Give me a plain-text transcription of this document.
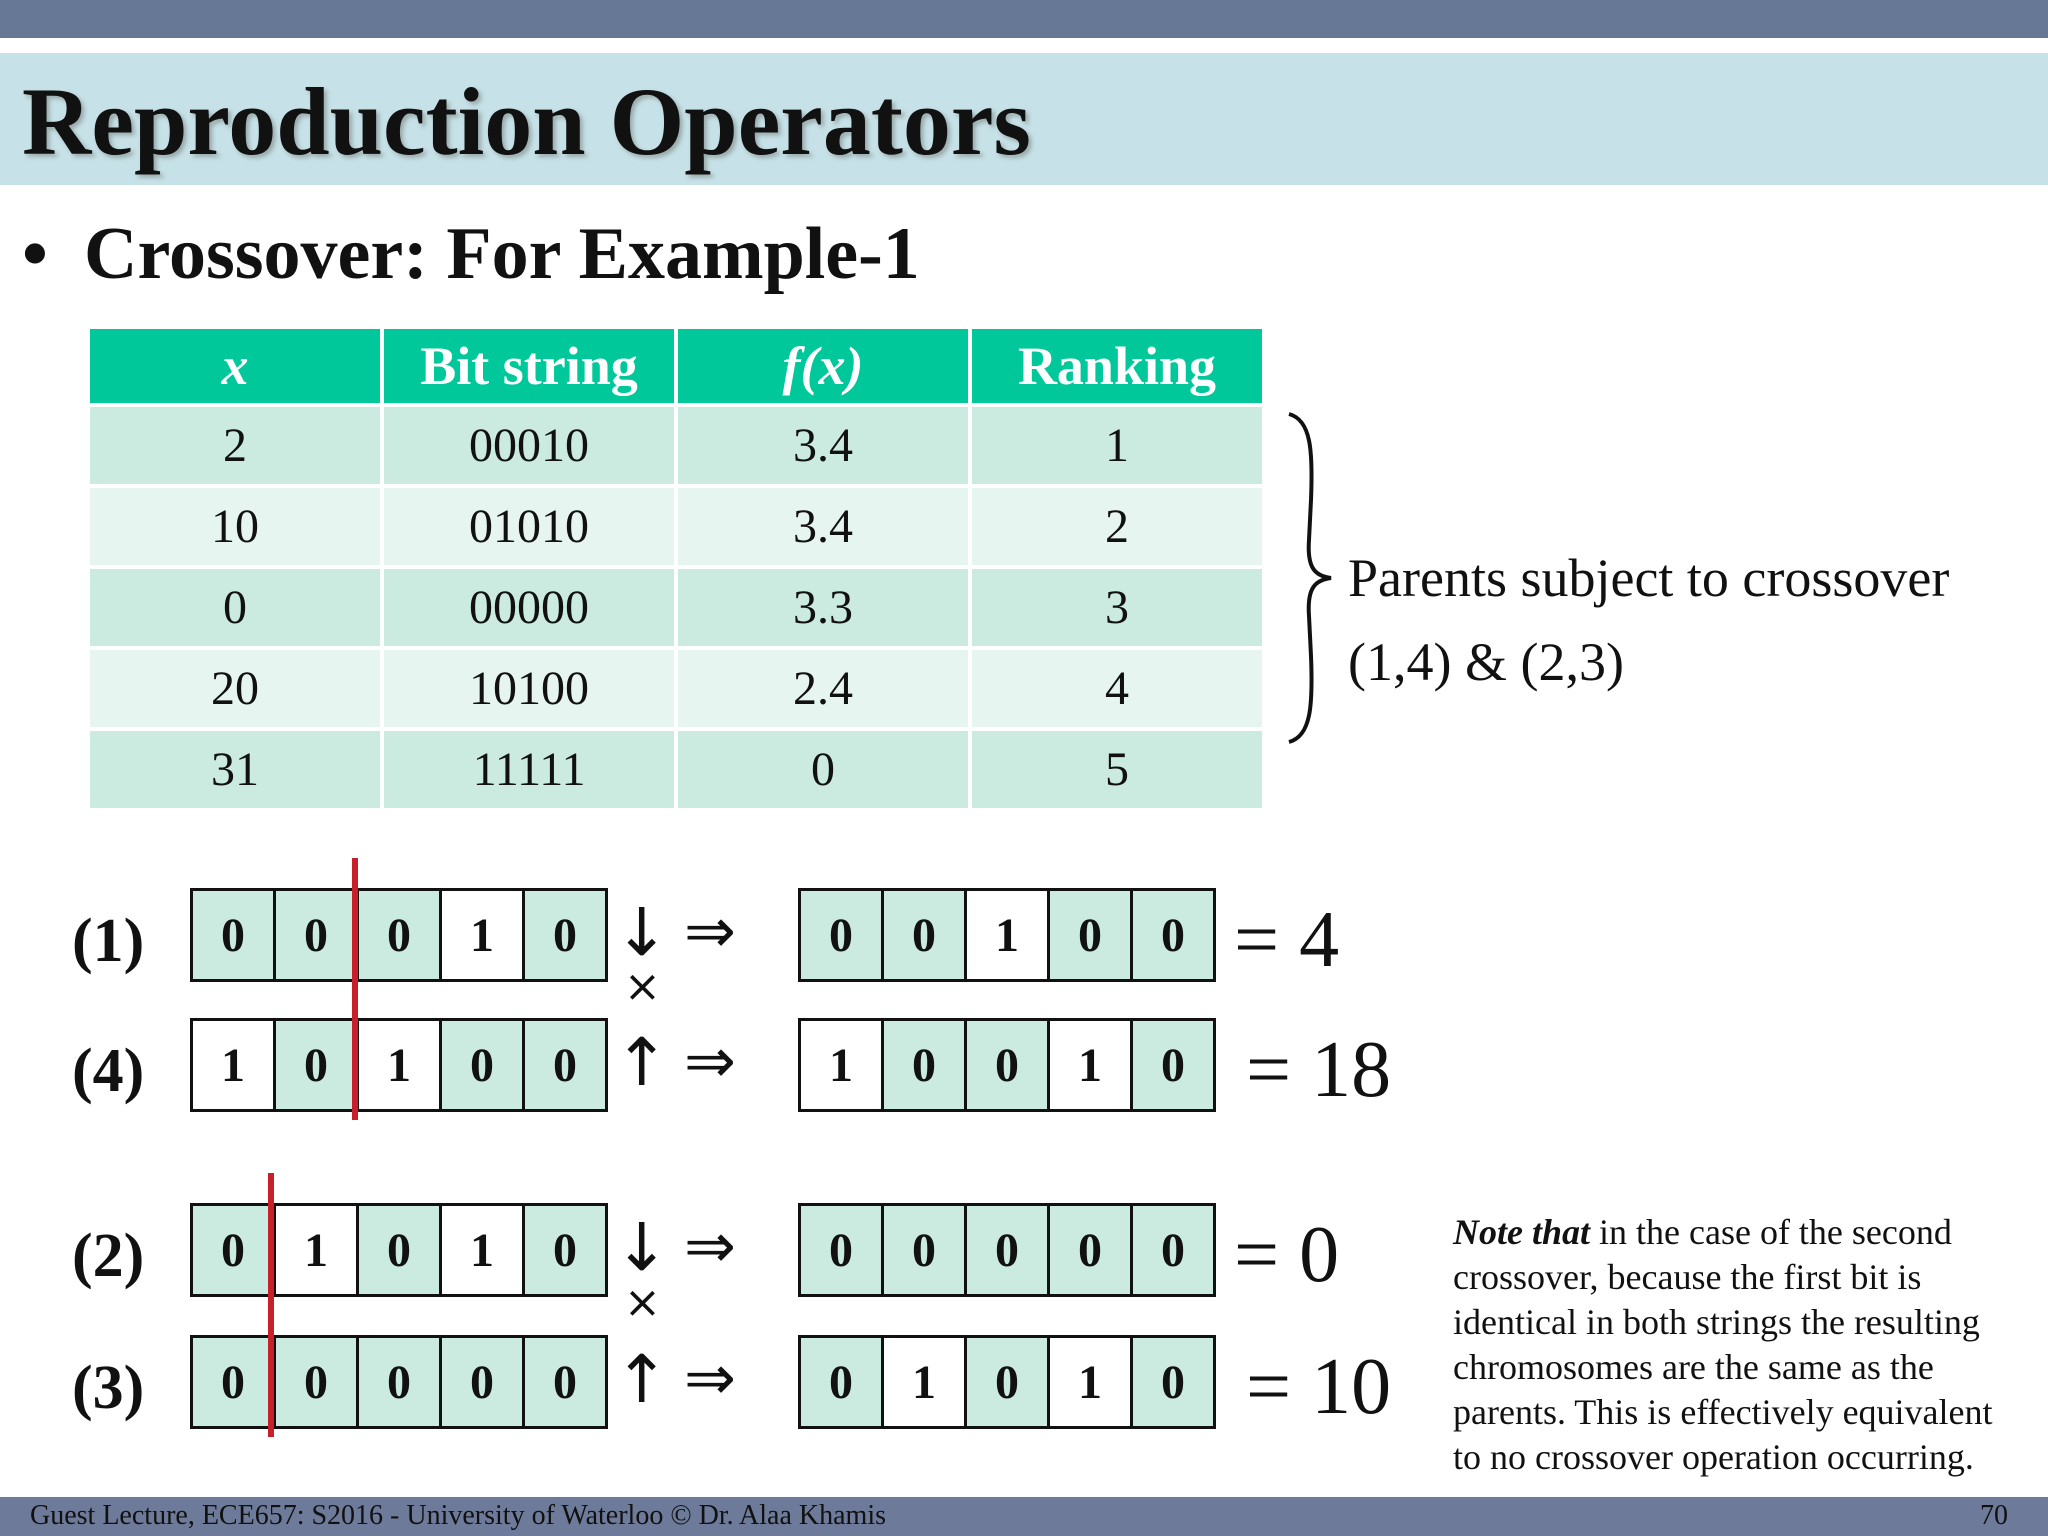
Reproduction Operators
• Crossover: For Example-1
x	Bit string	f(x)	Ranking
2	00010	3.4	1
10	01010	3.4	2
0	00000	3.3	3
20	10100	2.4	4
31	11111	0	5
Parents subject to crossover
(1,4) & (2,3)
(1)	0	0	0	1	0 ↓ ⇒	0	0	1	0	0 = 4
(4)	1	0	1	0	0 ↑ ⇒	1	0	0	1	0 = 18
×
(2)	0	1	0	1	0 ↓ ⇒	0	0	0	0	0 = 0
(3)	0	0	0	0	0 ↑ ⇒	0	1	0	1	0 = 10
×
Note that in the case of the second crossover, because the first bit is identical in both strings the resulting chromosomes are the same as the parents. This is effectively equivalent to no crossover operation occurring.
Guest Lecture, ECE657: S2016 - University of Waterloo © Dr. Alaa Khamis	70
